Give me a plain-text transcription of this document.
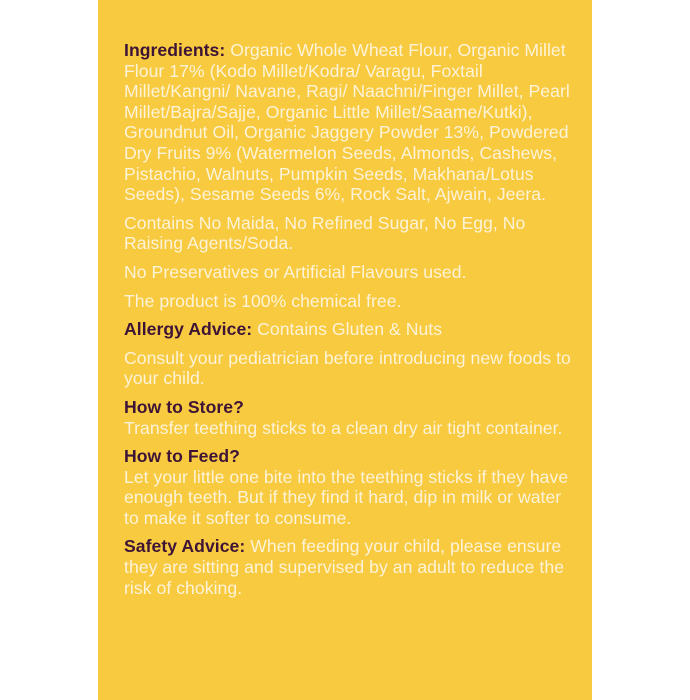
Ingredients: Organic Whole Wheat Flour, Organic Millet Flour 17% (Kodo Millet/Kodra/ Varagu, Foxtail Millet/Kangni/ Navane, Ragi/ Naachni/Finger Millet, Pearl Millet/Bajra/Sajje, Organic Little Millet/Saame/Kutki), Groundnut Oil, Organic Jaggery Powder 13%, Powdered Dry Fruits 9% (Watermelon Seeds, Almonds, Cashews, Pistachio, Walnuts, Pumpkin Seeds, Makhana/Lotus Seeds), Sesame Seeds 6%, Rock Salt, Ajwain, Jeera.

Contains No Maida, No Refined Sugar, No Egg, No Raising Agents/Soda.

No Preservatives or Artificial Flavours used.

The product is 100% chemical free.

Allergy Advice: Contains Gluten & Nuts

Consult your pediatrician before introducing new foods to your child.

How to Store?
Transfer teething sticks to a clean dry air tight container.

How to Feed?
Let your little one bite into the teething sticks if they have enough teeth. But if they find it hard, dip in milk or water to make it softer to consume.

Safety Advice: When feeding your child, please ensure they are sitting and supervised by an adult to reduce the risk of choking.
